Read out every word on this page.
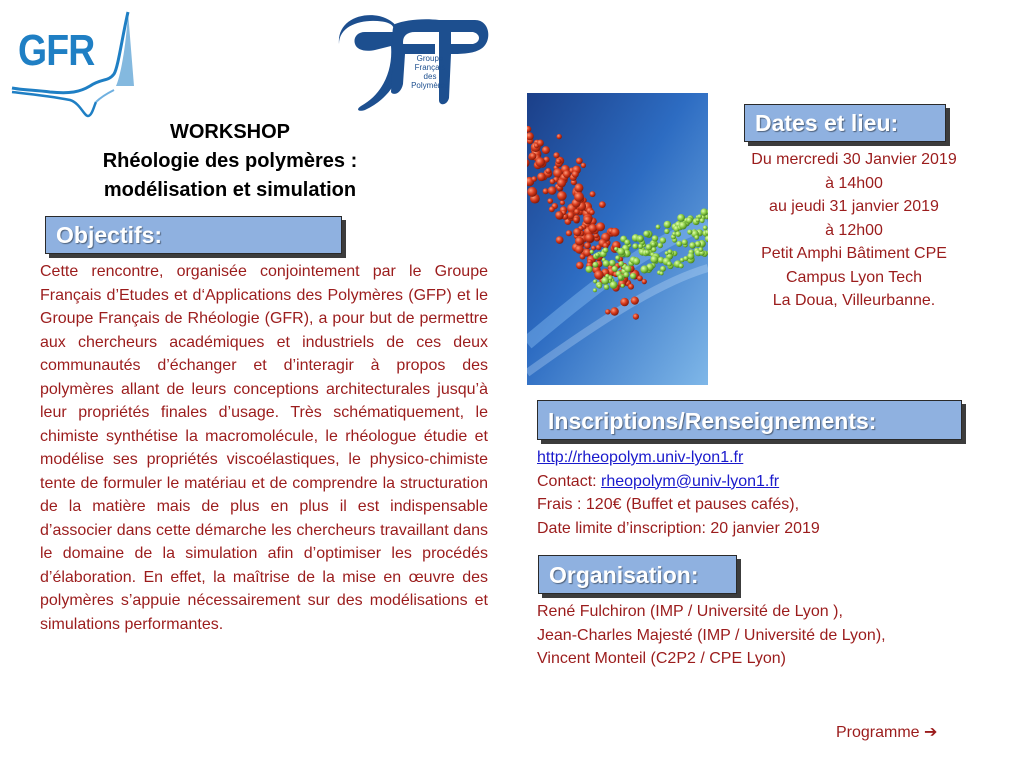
GFR	Groupe
Français
des
Polymères
WORKSHOP
Rhéologie des polymères :
modélisation et simulation
Objectifs:
Cette rencontre, organisée conjointement par le Groupe Français d’Etudes et d‘Applications des Polymères (GFP) et le Groupe Français de Rhéologie (GFR), a pour but de permettre aux chercheurs académiques et industriels de ces deux communautés d’échanger et d’interagir à propos des polymères allant de leurs conceptions architecturales jusqu’à leur propriétés finales d’usage. Très schématiquement, le chimiste synthétise la macromolécule, le rhéologue étudie et modélise ses propriétés viscoélastiques, le physico-chimiste tente de formuler le matériau et de comprendre la structuration de la matière mais de plus en plus il est indispensable d’associer dans cette démarche les chercheurs travaillant dans le domaine de la simulation afin d’optimiser les procédés d’élaboration. En effet, la maîtrise de la mise en œuvre des polymères s’appuie nécessairement sur des modélisations et simulations performantes.
Dates et lieu:
Du mercredi 30 Janvier 2019
à 14h00
au jeudi 31 janvier 2019
à 12h00
Petit Amphi Bâtiment CPE
Campus Lyon Tech
La Doua, Villeurbanne.
Inscriptions/Renseignements:
http://rheopolym.univ-lyon1.fr
Contact: rheopolym@univ-lyon1.fr
Frais : 120€ (Buffet et pauses cafés),
Date limite d’inscription: 20 janvier 2019
Organisation:
René Fulchiron (IMP / Université de Lyon ),
Jean-Charles Majesté (IMP / Université de Lyon),
Vincent Monteil (C2P2 / CPE Lyon)
Programme ➔
